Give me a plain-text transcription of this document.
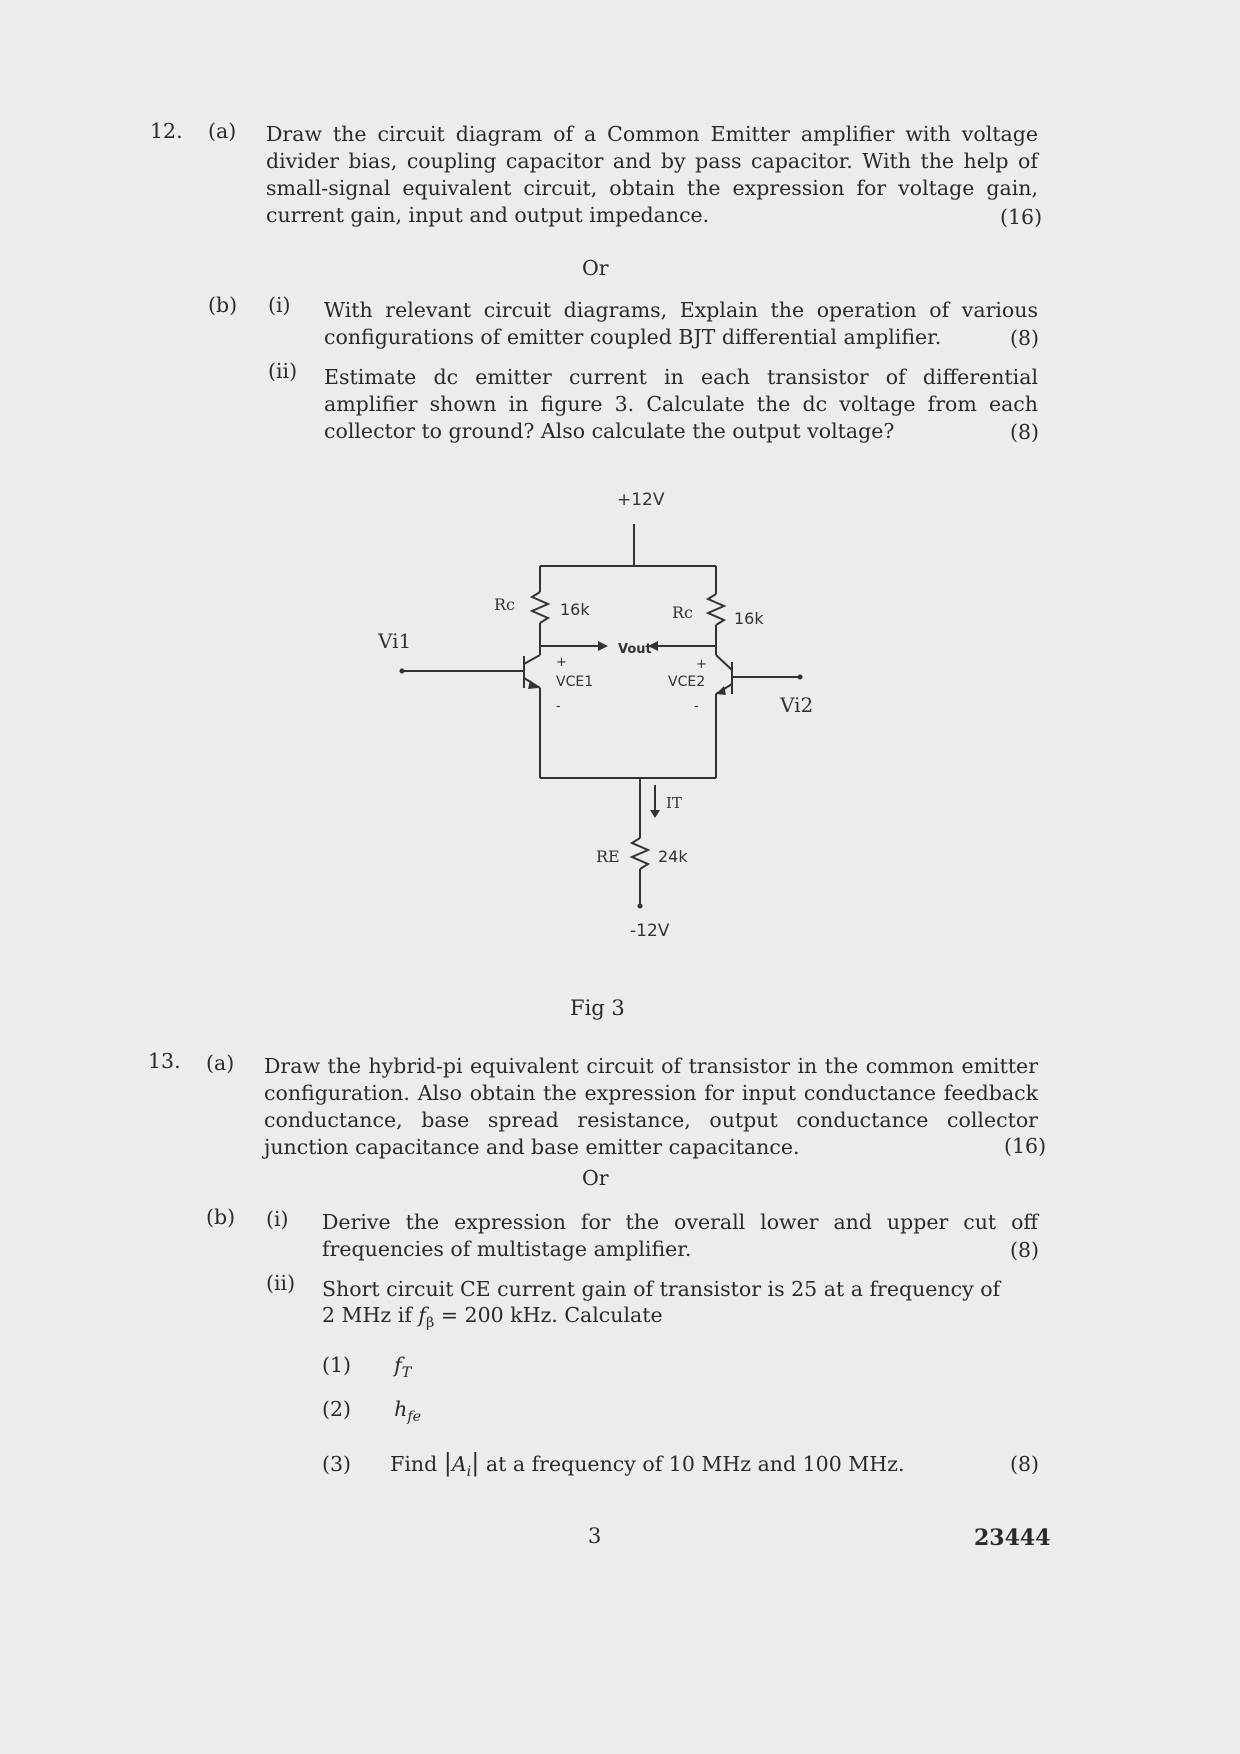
12. (a) Draw the circuit diagram of a Common Emitter amplifier with voltage divider bias, coupling capacitor and by pass capacitor. With the help of small-signal equivalent circuit, obtain the expression for voltage gain, current gain, input and output impedance.	(16)
Or
(b) (i) With relevant circuit diagrams, Explain the operation of various configurations of emitter coupled BJT differential amplifier.	(8)
(ii) Estimate dc emitter current in each transistor of differential amplifier shown in figure 3. Calculate the dc voltage from each collector to ground? Also calculate the output voltage?	(8)
+12V
Rc	16k	Rc	16k
Vi1	Vout
+
VCE1
+
VCE2
-	-	Vi2
IT
RE 24k
-12V
Fig 3
13. (a) Draw the hybrid-pi equivalent circuit of transistor in the common emitter configuration. Also obtain the expression for input conductance feedback conductance, base spread resistance, output conductance collector junction capacitance and base emitter capacitance.	(16)
Or
(b) (i) Derive the expression for the overall lower and upper cut off frequencies of multistage amplifier.	(8)
(ii) Short circuit CE current gain of transistor is 25 at a frequency of
2 MHz if $f_\beta = 200$ kHz. Calculate
(1) $f_T$
(2) $h_{fe}$
(3) Find $|A_i|$ at a frequency of 10 MHz and 100 MHz.	(8)
3	23444
